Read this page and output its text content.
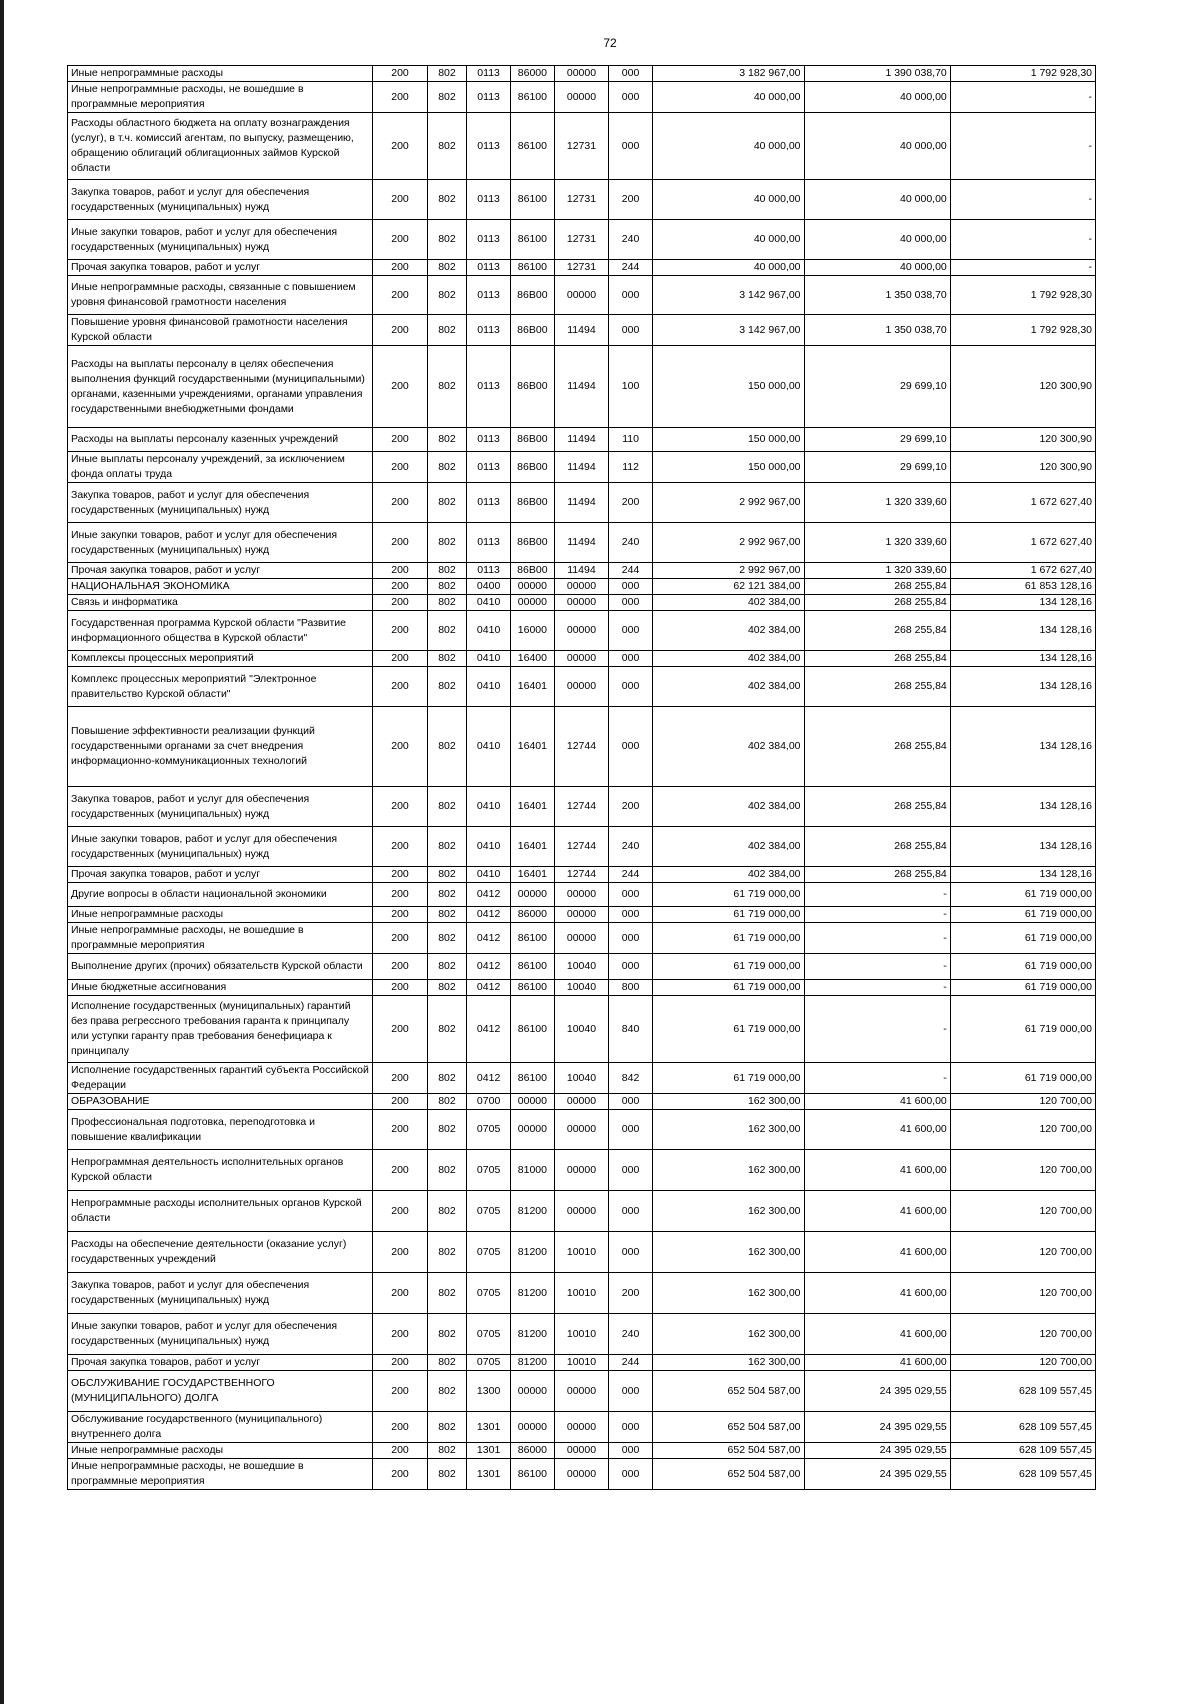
72
Иные непрограммные расходы	200	802	0113	86000	00000	000	3 182 967,00	1 390 038,70	1 792 928,30
Иные непрограммные расходы, не вошедшие в программные мероприятия	200	802	0113	86100	00000	000	40 000,00	40 000,00	-
Расходы областного бюджета на оплату вознаграждения (услуг), в т.ч. комиссий агентам, по выпуску, размещению, обращению облигаций облигационных займов Курской области	200	802	0113	86100	12731	000	40 000,00	40 000,00	-
Закупка товаров, работ и услуг для обеспечения государственных (муниципальных) нужд	200	802	0113	86100	12731	200	40 000,00	40 000,00	-
Иные закупки товаров, работ и услуг для обеспечения государственных (муниципальных) нужд	200	802	0113	86100	12731	240	40 000,00	40 000,00	-
Прочая закупка товаров, работ и услуг	200	802	0113	86100	12731	244	40 000,00	40 000,00	-
Иные непрограммные расходы, связанные с повышением уровня финансовой грамотности населения	200	802	0113	86B00	00000	000	3 142 967,00	1 350 038,70	1 792 928,30
Повышение уровня финансовой грамотности населения Курской области	200	802	0113	86B00	11494	000	3 142 967,00	1 350 038,70	1 792 928,30
Расходы на выплаты персоналу в целях обеспечения выполнения функций государственными (муниципальными) органами, казенными учреждениями, органами управления государственными внебюджетными фондами	200	802	0113	86B00	11494	100	150 000,00	29 699,10	120 300,90
Расходы на выплаты персоналу казенных учреждений	200	802	0113	86B00	11494	110	150 000,00	29 699,10	120 300,90
Иные выплаты персоналу учреждений, за исключением фонда оплаты труда	200	802	0113	86B00	11494	112	150 000,00	29 699,10	120 300,90
Закупка товаров, работ и услуг для обеспечения государственных (муниципальных) нужд	200	802	0113	86B00	11494	200	2 992 967,00	1 320 339,60	1 672 627,40
Иные закупки товаров, работ и услуг для обеспечения государственных (муниципальных) нужд	200	802	0113	86B00	11494	240	2 992 967,00	1 320 339,60	1 672 627,40
Прочая закупка товаров, работ и услуг	200	802	0113	86B00	11494	244	2 992 967,00	1 320 339,60	1 672 627,40
НАЦИОНАЛЬНАЯ ЭКОНОМИКА	200	802	0400	00000	00000	000	62 121 384,00	268 255,84	61 853 128,16
Связь и информатика	200	802	0410	00000	00000	000	402 384,00	268 255,84	134 128,16
Государственная программа Курской области "Развитие информационного общества в Курской области"	200	802	0410	16000	00000	000	402 384,00	268 255,84	134 128,16
Комплексы процессных мероприятий	200	802	0410	16400	00000	000	402 384,00	268 255,84	134 128,16
Комплекс процессных мероприятий "Электронное правительство Курской области"	200	802	0410	16401	00000	000	402 384,00	268 255,84	134 128,16
Повышение эффективности реализации функций государственными органами за счет внедрения информационно-коммуникационных технологий	200	802	0410	16401	12744	000	402 384,00	268 255,84	134 128,16
Закупка товаров, работ и услуг для обеспечения государственных (муниципальных) нужд	200	802	0410	16401	12744	200	402 384,00	268 255,84	134 128,16
Иные закупки товаров, работ и услуг для обеспечения государственных (муниципальных) нужд	200	802	0410	16401	12744	240	402 384,00	268 255,84	134 128,16
Прочая закупка товаров, работ и услуг	200	802	0410	16401	12744	244	402 384,00	268 255,84	134 128,16
Другие вопросы в области национальной экономики	200	802	0412	00000	00000	000	61 719 000,00	-	61 719 000,00
Иные непрограммные расходы	200	802	0412	86000	00000	000	61 719 000,00	-	61 719 000,00
Иные непрограммные расходы, не вошедшие в программные мероприятия	200	802	0412	86100	00000	000	61 719 000,00	-	61 719 000,00
Выполнение других (прочих) обязательств Курской области	200	802	0412	86100	10040	000	61 719 000,00	-	61 719 000,00
Иные бюджетные ассигнования	200	802	0412	86100	10040	800	61 719 000,00	-	61 719 000,00
Исполнение государственных (муниципальных) гарантий без права регрессного требования гаранта к принципалу или уступки гаранту прав требования бенефициара к принципалу	200	802	0412	86100	10040	840	61 719 000,00	-	61 719 000,00
Исполнение государственных гарантий субъекта Российской Федерации	200	802	0412	86100	10040	842	61 719 000,00	-	61 719 000,00
ОБРАЗОВАНИЕ	200	802	0700	00000	00000	000	162 300,00	41 600,00	120 700,00
Профессиональная подготовка, переподготовка и повышение квалификации	200	802	0705	00000	00000	000	162 300,00	41 600,00	120 700,00
Непрограммная деятельность исполнительных органов Курской области	200	802	0705	81000	00000	000	162 300,00	41 600,00	120 700,00
Непрограммные расходы исполнительных органов Курской области	200	802	0705	81200	00000	000	162 300,00	41 600,00	120 700,00
Расходы на обеспечение деятельности (оказание услуг) государственных учреждений	200	802	0705	81200	10010	000	162 300,00	41 600,00	120 700,00
Закупка товаров, работ и услуг для обеспечения государственных (муниципальных) нужд	200	802	0705	81200	10010	200	162 300,00	41 600,00	120 700,00
Иные закупки товаров, работ и услуг для обеспечения государственных (муниципальных) нужд	200	802	0705	81200	10010	240	162 300,00	41 600,00	120 700,00
Прочая закупка товаров, работ и услуг	200	802	0705	81200	10010	244	162 300,00	41 600,00	120 700,00
ОБСЛУЖИВАНИЕ ГОСУДАРСТВЕННОГО (МУНИЦИПАЛЬНОГО) ДОЛГА	200	802	1300	00000	00000	000	652 504 587,00	24 395 029,55	628 109 557,45
Обслуживание государственного (муниципального) внутреннего долга	200	802	1301	00000	00000	000	652 504 587,00	24 395 029,55	628 109 557,45
Иные непрограммные расходы	200	802	1301	86000	00000	000	652 504 587,00	24 395 029,55	628 109 557,45
Иные непрограммные расходы, не вошедшие в программные мероприятия	200	802	1301	86100	00000	000	652 504 587,00	24 395 029,55	628 109 557,45
